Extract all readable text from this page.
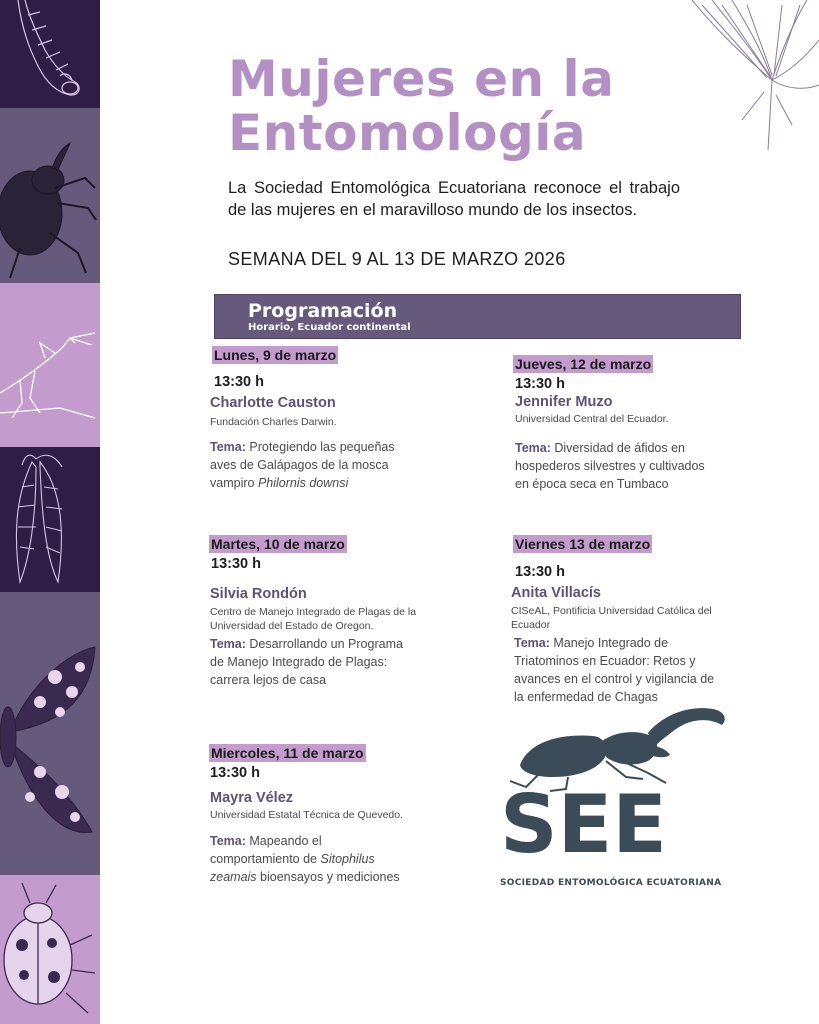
Mujeres en la
Entomología

La Sociedad Entomológica Ecuatoriana reconoce el trabajo de las mujeres en el maravilloso mundo de los insectos.

SEMANA DEL 9 AL 13 DE MARZO 2026

Programación
Horario, Ecuador continental
Lunes, 9 de marzo
13:30 h
Charlotte Causton
Fundación Charles Darwin.
Tema: Protegiendo las pequeñas aves de Galápagos de la mosca vampiro Philornis downsi
Jueves, 12 de marzo
13:30 h
Jennifer Muzo
Universidad Central del Ecuador.
Tema: Diversidad de áfidos en hospederos silvestres y cultivados en época seca en Tumbaco
Martes, 10 de marzo
13:30 h
Silvia Rondón
Centro de Manejo Integrado de Plagas de la Universidad del Estado de Oregon.
Tema: Desarrollando un Programa de Manejo Integrado de Plagas: carrera lejos de casa
Viernes 13 de marzo
13:30 h
Anita Villacís
CISeAL, Pontificia Universidad Católica del Ecuador
Tema: Manejo Integrado de Triatominos en Ecuador: Retos y avances en el control y vigilancia de la enfermedad de Chagas
Miercoles, 11 de marzo
13:30 h
Mayra Vélez
Universidad Estatal Técnica de Quevedo.
Tema: Mapeando el comportamiento de Sitophilus zeamais bioensayos y mediciones

SEE

SOCIEDAD ENTOMOLÓGICA ECUATORIANA
